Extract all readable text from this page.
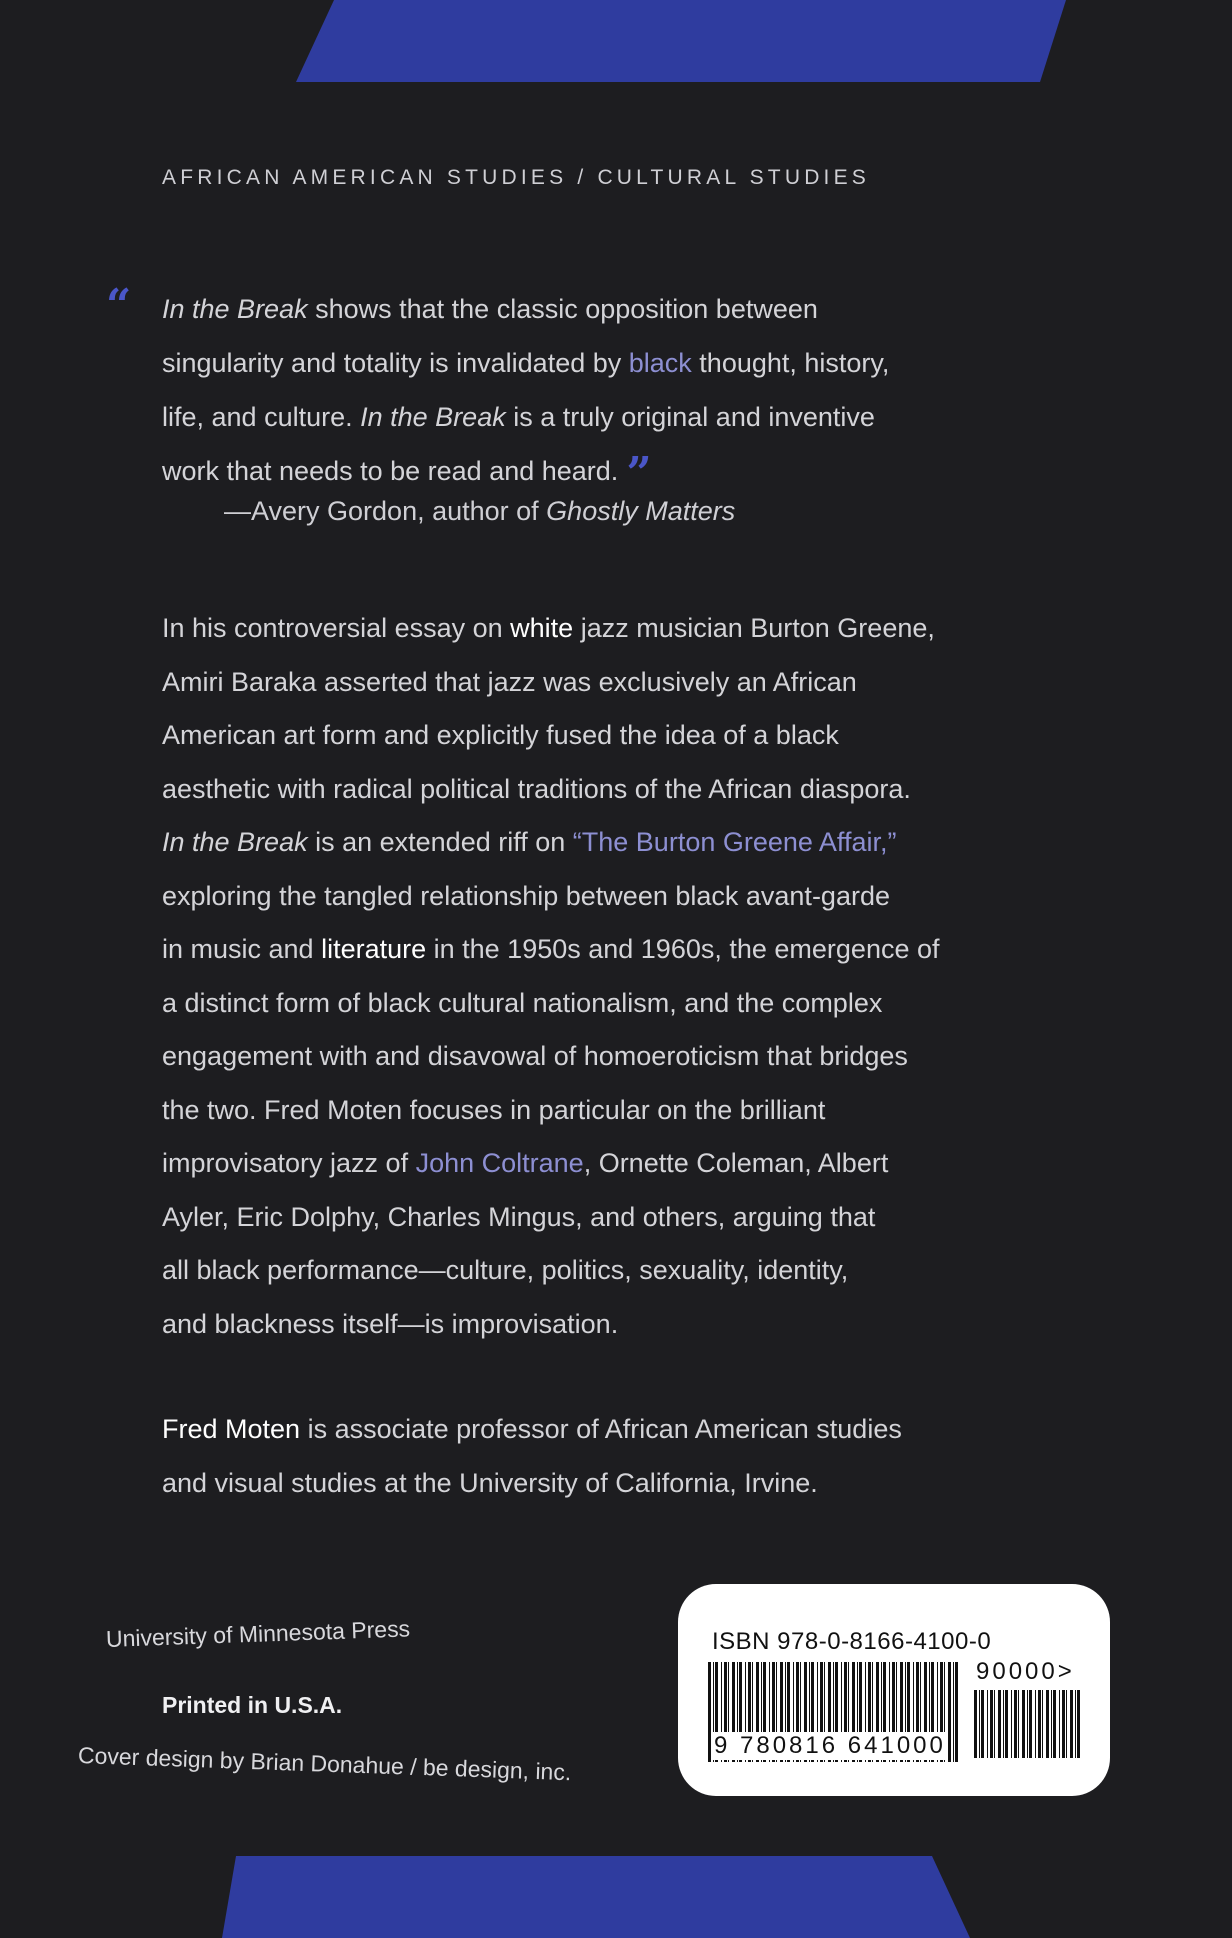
AFRICAN AMERICAN STUDIES / CULTURAL STUDIES
“ In the Break shows that the classic opposition between
singularity and totality is invalidated by black thought, history,
life, and culture. In the Break is a truly original and inventive
work that needs to be read and heard. ”
—Avery Gordon, author of Ghostly Matters

In his controversial essay on white jazz musician Burton Greene,

Amiri Baraka asserted that jazz was exclusively an African

American art form and explicitly fused the idea of a black

aesthetic with radical political traditions of the African diaspora.

In the Break is an extended riff on “The Burton Greene Affair,”

exploring the tangled relationship between black avant-garde

in music and literature in the 1950s and 1960s, the emergence of

a distinct form of black cultural nationalism, and the complex

engagement with and disavowal of homoeroticism that bridges

the two. Fred Moten focuses in particular on the brilliant

improvisatory jazz of John Coltrane, Ornette Coleman, Albert

Ayler, Eric Dolphy, Charles Mingus, and others, arguing that

all black performance—culture, politics, sexuality, identity,

and blackness itself—is improvisation.

Fred Moten is associate professor of African American studies

and visual studies at the University of California, Irvine.

University of Minnesota Press
Printed in U.S.A.
Cover design by Brian Donahue / be design, inc.
ISBN 978-0-8166-4100-0
90000>
9 780816 641000
